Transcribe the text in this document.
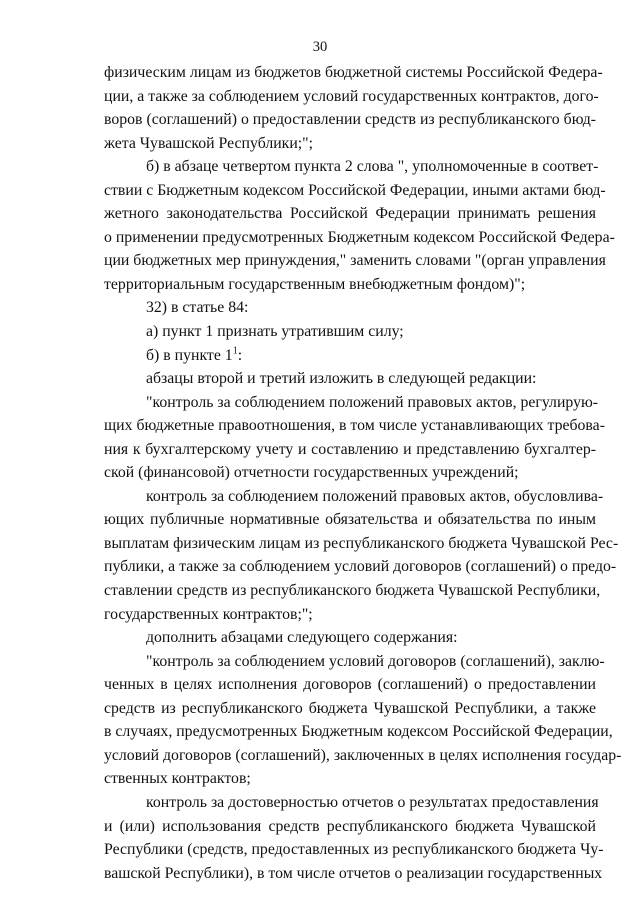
30
физическим лицам из бюджетов бюджетной системы Российской Федера-
ции, а также за соблюдением условий государственных контрактов, дого-
воров (соглашений) о предоставлении средств из республиканского бюд-
жета Чувашской Республики;";
б) в абзаце четвертом пункта 2 слова ", уполномоченные в соответ-
ствии с Бюджетным кодексом Российской Федерации, иными актами бюд-
жетного законодательства Российской Федерации принимать решения
о применении предусмотренных Бюджетным кодексом Российской Федера-
ции бюджетных мер принуждения," заменить словами "(орган управления
территориальным государственным внебюджетным фондом)";
32) в статье 84:
а) пункт 1 признать утратившим силу;
б) в пункте $1^1$:
абзацы второй и третий изложить в следующей редакции:
"контроль за соблюдением положений правовых актов, регулирую-
щих бюджетные правоотношения, в том числе устанавливающих требова-
ния к бухгалтерскому учету и составлению и представлению бухгалтер-
ской (финансовой) отчетности государственных учреждений;
контроль за соблюдением положений правовых актов, обусловлива-
ющих публичные нормативные обязательства и обязательства по иным
выплатам физическим лицам из республиканского бюджета Чувашской Рес-
публики, а также за соблюдением условий договоров (соглашений) о предо-
ставлении средств из республиканского бюджета Чувашской Республики,
государственных контрактов;";
дополнить абзацами следующего содержания:
"контроль за соблюдением условий договоров (соглашений), заклю-
ченных в целях исполнения договоров (соглашений) о предоставлении
средств из республиканского бюджета Чувашской Республики, а также
в случаях, предусмотренных Бюджетным кодексом Российской Федерации,
условий договоров (соглашений), заключенных в целях исполнения государ-
ственных контрактов;
контроль за достоверностью отчетов о результатах предоставления
и (или) использования средств республиканского бюджета Чувашской
Республики (средств, предоставленных из республиканского бюджета Чу-
вашской Республики), в том числе отчетов о реализации государственных
